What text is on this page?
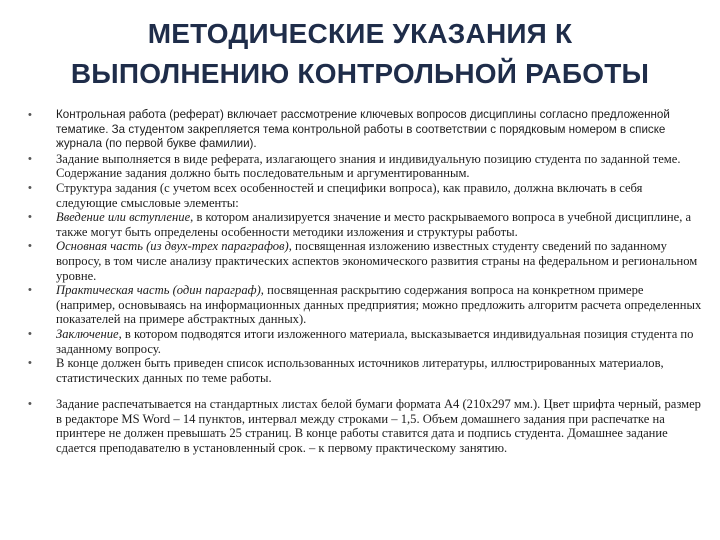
МЕТОДИЧЕСКИЕ УКАЗАНИЯ К
ВЫПОЛНЕНИЮ КОНТРОЛЬНОЙ РАБОТЫ
•	Контрольная работа (реферат) включает рассмотрение ключевых вопросов дисциплины согласно предложенной тематике. За студентом закрепляется тема контрольной работы в соответствии с порядковым номером в списке журнала (по первой букве фамилии).
•	Задание выполняется в виде реферата, излагающего знания и индивидуальную позицию студента по заданной теме. Содержание задания должно быть последовательным и аргументированным.
•	Структура задания (с учетом всех особенностей и специфики вопроса), как правило, должна включать в себя следующие смысловые элементы:
•	Введение или вступление, в котором анализируется значение и место раскрываемого вопроса в учебной дисциплине, а также могут быть определены особенности методики изложения и структуры работы.
•	Основная часть (из двух-трех параграфов), посвященная изложению известных студенту сведений по заданному вопросу, в том числе анализу практических аспектов экономического развития страны на федеральном и региональном уровне.
•	Практическая часть (один параграф), посвященная раскрытию содержания вопроса на конкретном примере (например, основываясь на информационных данных предприятия; можно предложить алгоритм расчета определенных показателей на примере абстрактных данных).
•	Заключение, в котором подводятся итоги изложенного материала, высказывается индивидуальная позиция студента по заданному вопросу.
•	В конце должен быть приведен список использованных источников литературы, иллюстрированных материалов, статистических данных по теме работы.
•	Задание распечатывается на стандартных листах белой бумаги формата А4 (210х297 мм.). Цвет шрифта черный, размер в редакторе MS Word – 14 пунктов, интервал между строками – 1,5. Объем домашнего задания при распечатке на принтере не должен превышать 25 страниц. В конце работы ставится дата и подпись студента. Домашнее задание сдается преподавателю в установленный срок. – к первому практическому занятию.
